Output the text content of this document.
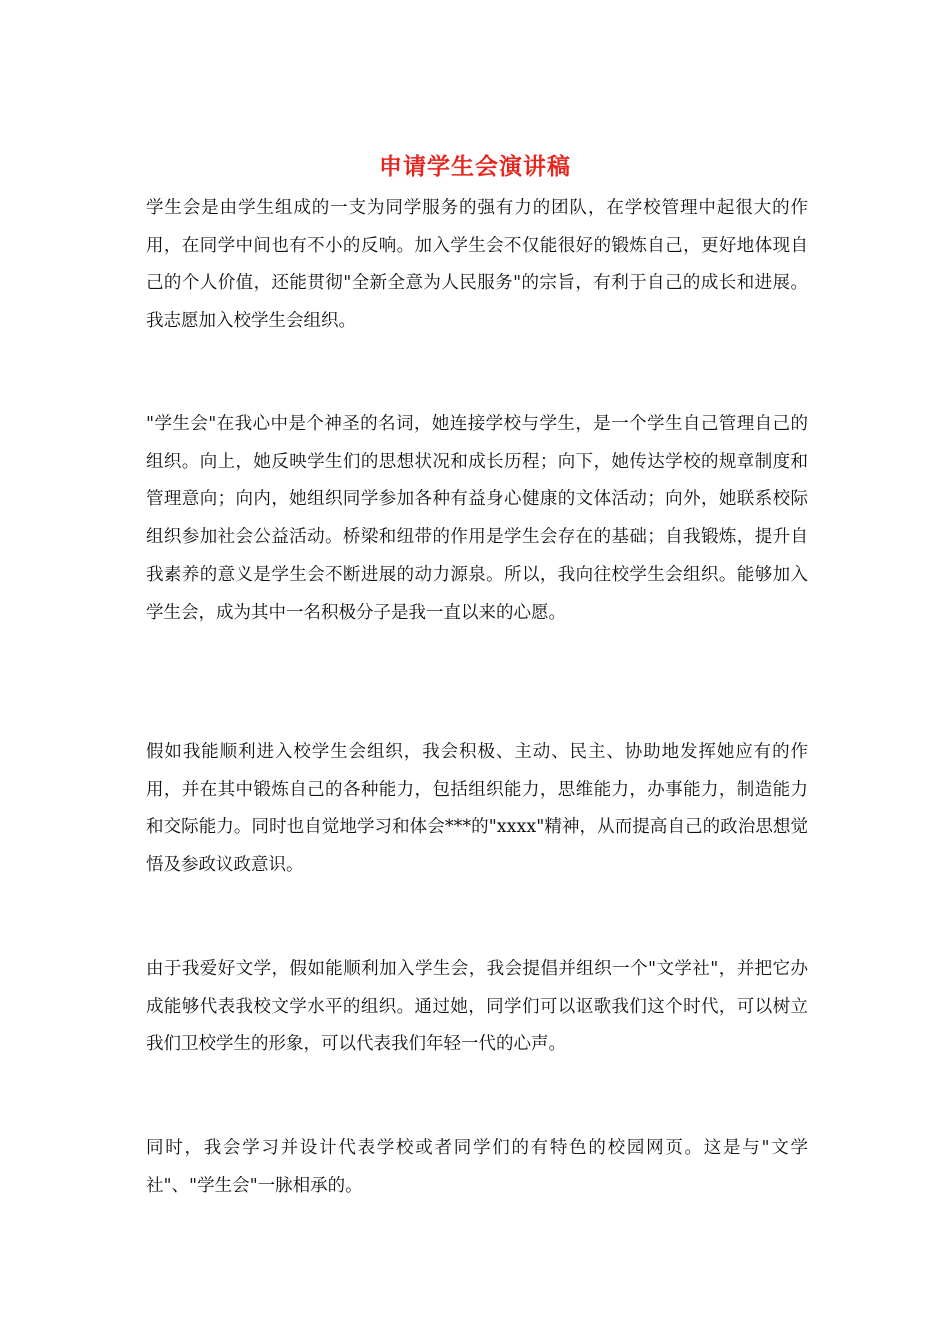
申请学生会演讲稿

学生会是由学生组成的一支为同学服务的强有力的团队，在学校管理中起很大的作用，在同学中间也有不小的反响。加入学生会不仅能很好的锻炼自己，更好地体现自己的个人价值，还能贯彻"全新全意为人民服务"的宗旨，有利于自己的成长和进展。 我志愿加入校学生会组织。

"学生会"在我心中是个神圣的名词，她连接学校与学生，是一个学生自己管理自己的组织。向上，她反映学生们的思想状况和成长历程；向下，她传达学校的规章制度和管理意向；向内，她组织同学参加各种有益身心健康的文体活动；向外，她联系校际组织参加社会公益活动。桥梁和纽带的作用是学生会存在的基础；自我锻炼，提升自我素养的意义是学生会不断进展的动力源泉。所以，我向往校学生会组织。能够加入学生会，成为其中一名积极分子是我一直以来的心愿。

假如我能顺利进入校学生会组织，我会积极、主动、民主、协助地发挥她应有的作用，并在其中锻炼自己的各种能力，包括组织能力，思维能力，办事能力，制造能力和交际能力。同时也自觉地学习和体会***的"xxxx"精神，从而提高自己的政治思想觉悟及参政议政意识。

由于我爱好文学，假如能顺利加入学生会，我会提倡并组织一个"文学社"，并把它办成能够代表我校文学水平的组织。通过她，同学们可以讴歌我们这个时代，可以树立我们卫校学生的形象，可以代表我们年轻一代的心声。

同时，我会学习并设计代表学校或者同学们的有特色的校园网页。这是与"文学社"、"学生会"一脉相承的。
